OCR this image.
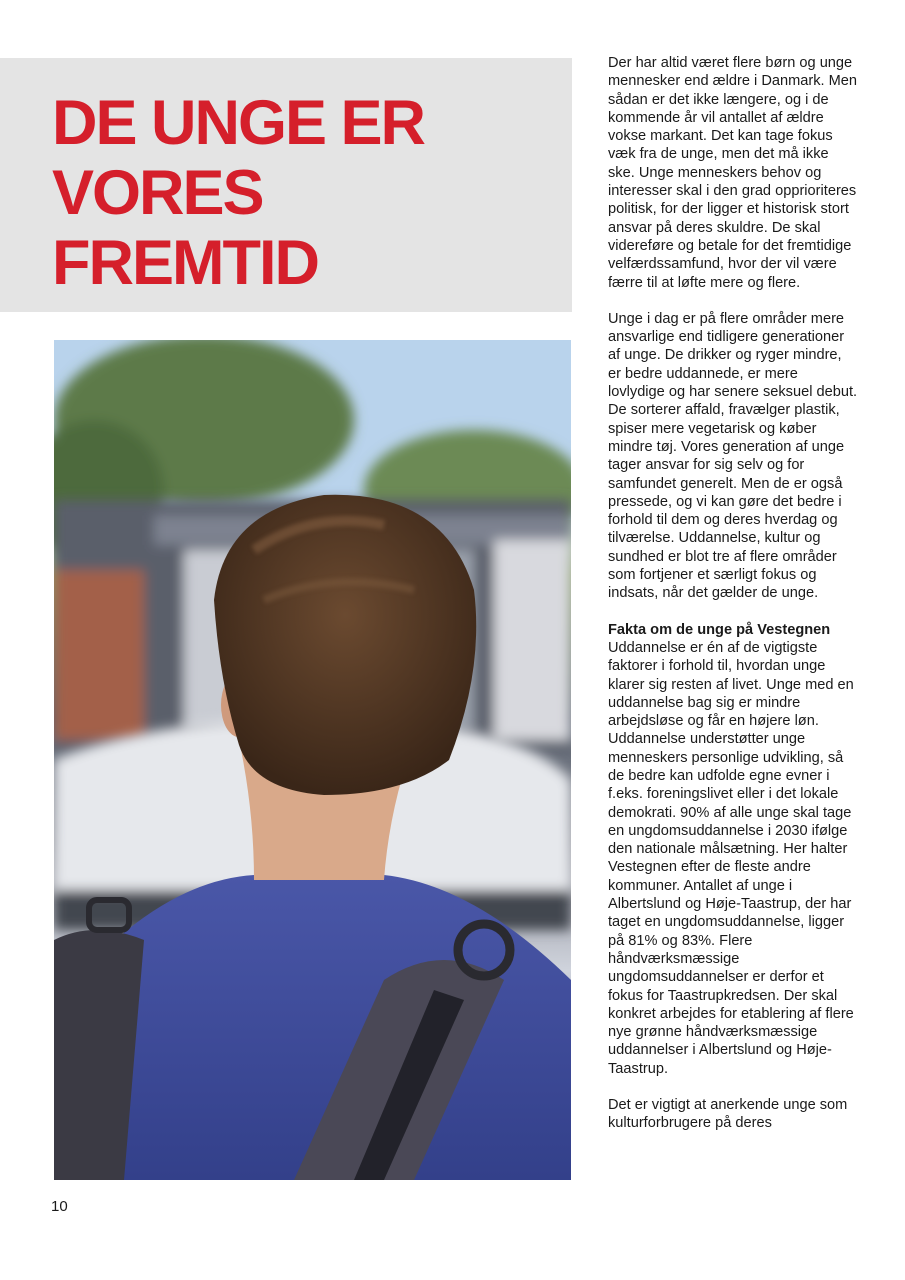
DE UNGE ER
VORES
FREMTID

Der har altid været flere børn og unge mennesker end ældre i Danmark. Men sådan er det ikke længere, og i de kommende år vil antallet af ældre vokse markant. Det kan tage fokus væk fra de unge, men det må ikke ske. Unge menneskers behov og interesser skal i den grad opprioriteres politisk, for der ligger et historisk stort ansvar på deres skuldre. De skal videreføre og betale for det fremtidige velfærdssamfund, hvor der vil være færre til at løfte mere og flere.

Unge i dag er på flere områder mere ansvarlige end tidligere generationer af unge. De drikker og ryger mindre, er bedre uddannede, er mere lovlydige og har senere seksuel debut. De sorterer affald, fravælger plastik, spiser mere vegetarisk og køber mindre tøj. Vores generation af unge tager ansvar for sig selv og for samfundet generelt. Men de er også pressede, og vi kan gøre det bedre i forhold til dem og deres hverdag og tilværelse. Uddannelse, kultur og sundhed er blot tre af flere områder som fortjener et særligt fokus og indsats, når det gælder de unge.

Fakta om de unge på Vestegnen

Uddannelse er én af de vigtigste faktorer i forhold til, hvordan unge klarer sig resten af livet. Unge med en uddannelse bag sig er mindre arbejdsløse og får en højere løn. Uddannelse understøtter unge menneskers personlige udvikling, så de bedre kan udfolde egne evner i f.eks. foreningslivet eller i det lokale demokrati. 90% af alle unge skal tage en ungdomsuddannelse i 2030 ifølge den nationale målsætning. Her halter Vestegnen efter de fleste andre kommuner. Antallet af unge i Albertslund og Høje-Taastrup, der har taget en ungdomsuddannelse, ligger på 81% og 83%. Flere håndværksmæssige ungdomsuddannelser er derfor et fokus for Taastrupkredsen. Der skal konkret arbejdes for etablering af flere nye grønne håndværksmæssige uddannelser i Albertslund og Høje-Taastrup.

Det er vigtigt at anerkende unge som kulturforbrugere på deres

10
